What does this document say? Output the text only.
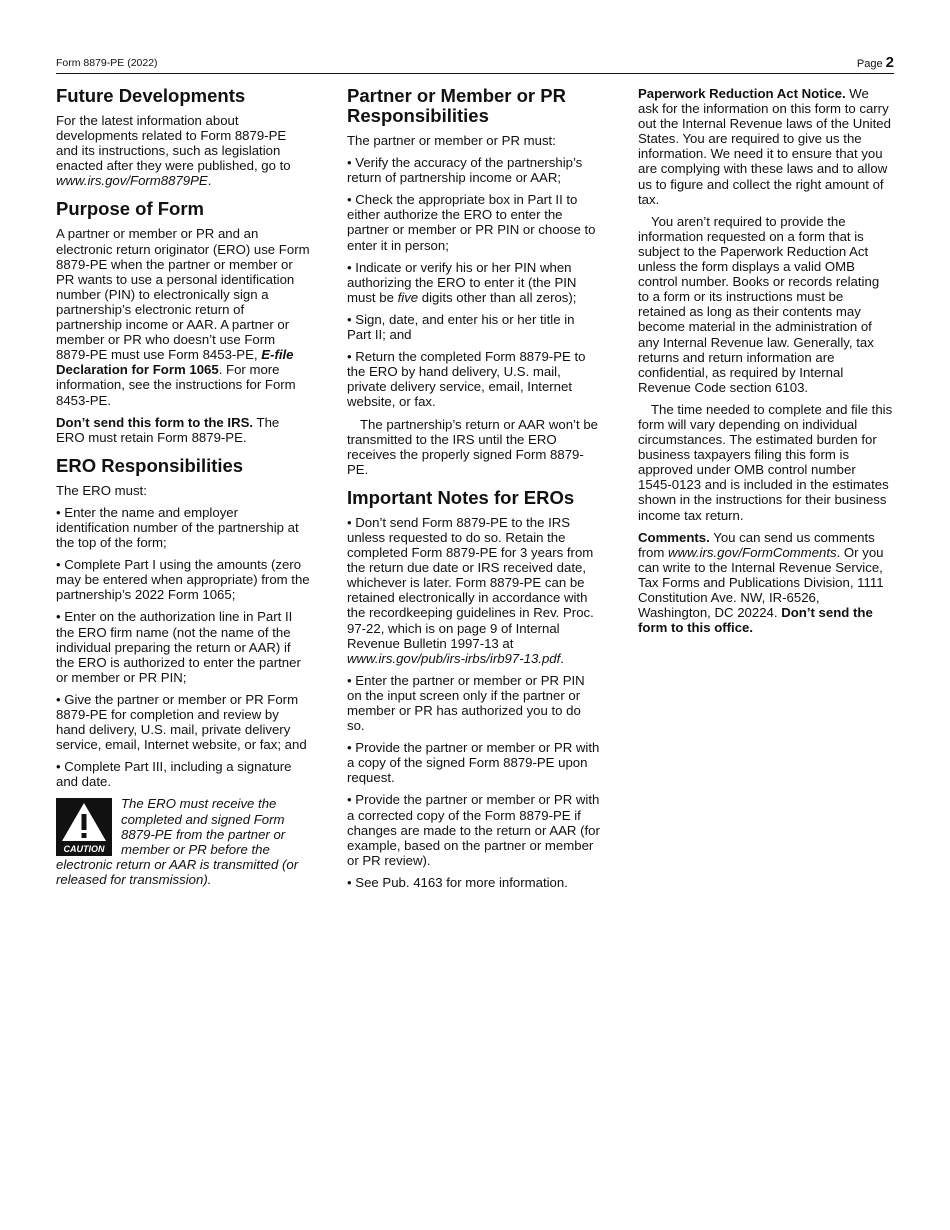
Form 8879-PE (2022)	Page 2
Future Developments

For the latest information about developments related to Form 8879-PE and its instructions, such as legislation enacted after they were published, go to www.irs.gov/Form8879PE.

Purpose of Form

A partner or member or PR and an electronic return originator (ERO) use Form 8879-PE when the partner or member or PR wants to use a personal identification number (PIN) to electronically sign a partnership’s electronic return of partnership income or AAR. A partner or member or PR who doesn’t use Form 8879-PE must use Form 8453-PE, E-file Declaration for Form 1065. For more information, see the instructions for Form 8453-PE.

Don’t send this form to the IRS. The ERO must retain Form 8879-PE.

ERO Responsibilities

The ERO must:

• Enter the name and employer identification number of the partnership at the top of the form;

• Complete Part I using the amounts (zero may be entered when appropriate) from the partnership’s 2022 Form 1065;

• Enter on the authorization line in Part II the ERO firm name (not the name of the individual preparing the return or AAR) if the ERO is authorized to enter the partner or member or PR PIN;

• Give the partner or member or PR Form 8879-PE for completion and review by hand delivery, U.S. mail, private delivery service, email, Internet website, or fax; and

• Complete Part III, including a signature and date.

CAUTION
The ERO must receive the completed and signed Form 8879-PE from the partner or member or PR before the electronic return or AAR is transmitted (or released for transmission).
Partner or Member or PR Responsibilities

The partner or member or PR must:

• Verify the accuracy of the partnership’s return of partnership income or AAR;

• Check the appropriate box in Part II to either authorize the ERO to enter the partner or member or PR PIN or choose to enter it in person;

• Indicate or verify his or her PIN when authorizing the ERO to enter it (the PIN must be five digits other than all zeros);

• Sign, date, and enter his or her title in Part II; and

• Return the completed Form 8879-PE to the ERO by hand delivery, U.S. mail, private delivery service, email, Internet website, or fax.

The partnership’s return or AAR won’t be transmitted to the IRS until the ERO receives the properly signed Form 8879-PE.

Important Notes for EROs

• Don’t send Form 8879-PE to the IRS unless requested to do so. Retain the completed Form 8879-PE for 3 years from the return due date or IRS received date, whichever is later. Form 8879-PE can be retained electronically in accordance with the recordkeeping guidelines in Rev. Proc. 97-22, which is on page 9 of Internal Revenue Bulletin 1997-13 at www.irs.gov/pub/irs-irbs/irb97-13.pdf.

• Enter the partner or member or PR PIN on the input screen only if the partner or member or PR has authorized you to do so.

• Provide the partner or member or PR with a copy of the signed Form 8879-PE upon request.

• Provide the partner or member or PR with a corrected copy of the Form 8879-PE if changes are made to the return or AAR (for example, based on the partner or member or PR review).

• See Pub. 4163 for more information.

Paperwork Reduction Act Notice. We ask for the information on this form to carry out the Internal Revenue laws of the United States. You are required to give us the information. We need it to ensure that you are complying with these laws and to allow us to figure and collect the right amount of tax.

You aren’t required to provide the information requested on a form that is subject to the Paperwork Reduction Act unless the form displays a valid OMB control number. Books or records relating to a form or its instructions must be retained as long as their contents may become material in the administration of any Internal Revenue law. Generally, tax returns and return information are confidential, as required by Internal Revenue Code section 6103.

The time needed to complete and file this form will vary depending on individual circumstances. The estimated burden for business taxpayers filing this form is approved under OMB control number 1545-0123 and is included in the estimates shown in the instructions for their business income tax return.

Comments. You can send us comments from www.irs.gov/FormComments. Or you can write to the Internal Revenue Service, Tax Forms and Publications Division, 1111 Constitution Ave. NW, IR-6526, Washington, DC 20224. Don’t send the form to this office.
